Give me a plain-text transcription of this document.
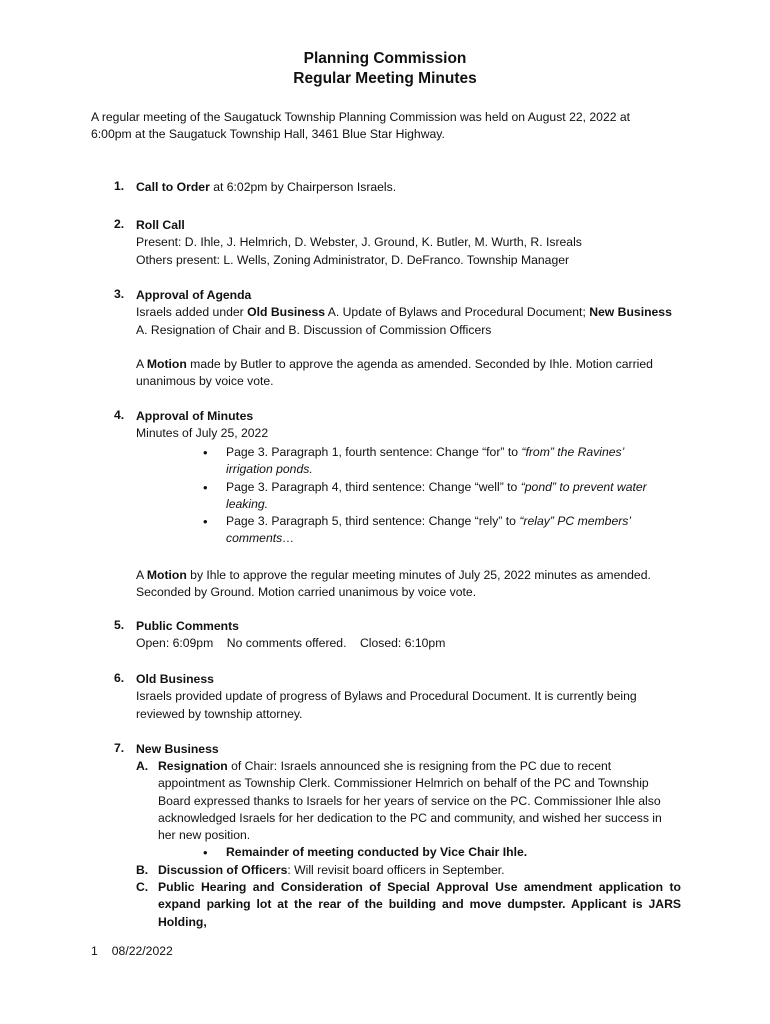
Planning Commission
Regular Meeting Minutes

A regular meeting of the Saugatuck Township Planning Commission was held on August 22, 2022 at 6:00pm at the Saugatuck Township Hall, 3461 Blue Star Highway.

1. Call to Order at 6:02pm by Chairperson Israels.
2. Roll Call
Present: D. Ihle, J. Helmrich, D. Webster, J. Ground, K. Butler, M. Wurth, R. Isreals
Others present: L. Wells, Zoning Administrator, D. DeFranco. Township Manager
3. Approval of Agenda

Israels added under Old Business A. Update of Bylaws and Procedural Document; New Business A. Resignation of Chair and B. Discussion of Commission Officers

A Motion made by Butler to approve the agenda as amended. Seconded by Ihle. Motion carried unanimous by voice vote.

4. Approval of Minutes
Minutes of July 25, 2022
• Page 3. Paragraph 1, fourth sentence: Change “for” to “from” the Ravines’ irrigation ponds.
• Page 3. Paragraph 4, third sentence: Change “well” to “pond” to prevent water leaking.
• Page 3. Paragraph 5, third sentence: Change “rely” to “relay” PC members’ comments…

A Motion by Ihle to approve the regular meeting minutes of July 25, 2022 minutes as amended. Seconded by Ground. Motion carried unanimous by voice vote.

5. Public Comments
Open: 6:09pm    No comments offered.    Closed: 6:10pm
6. Old Business

Israels provided update of progress of Bylaws and Procedural Document. It is currently being reviewed by township attorney.

7. New Business
A. Resignation of Chair: Israels announced she is resigning from the PC due to recent appointment as Township Clerk. Commissioner Helmrich on behalf of the PC and Township Board expressed thanks to Israels for her years of service on the PC. Commissioner Ihle also acknowledged Israels for her dedication to the PC and community, and wished her success in her new position.
• Remainder of meeting conducted by Vice Chair Ihle.
B. Discussion of Officers: Will revisit board officers in September.
C. Public Hearing and Consideration of Special Approval Use amendment application to expand parking lot at the rear of the building and move dumpster. Applicant is JARS Holding,
1 08/22/2022
